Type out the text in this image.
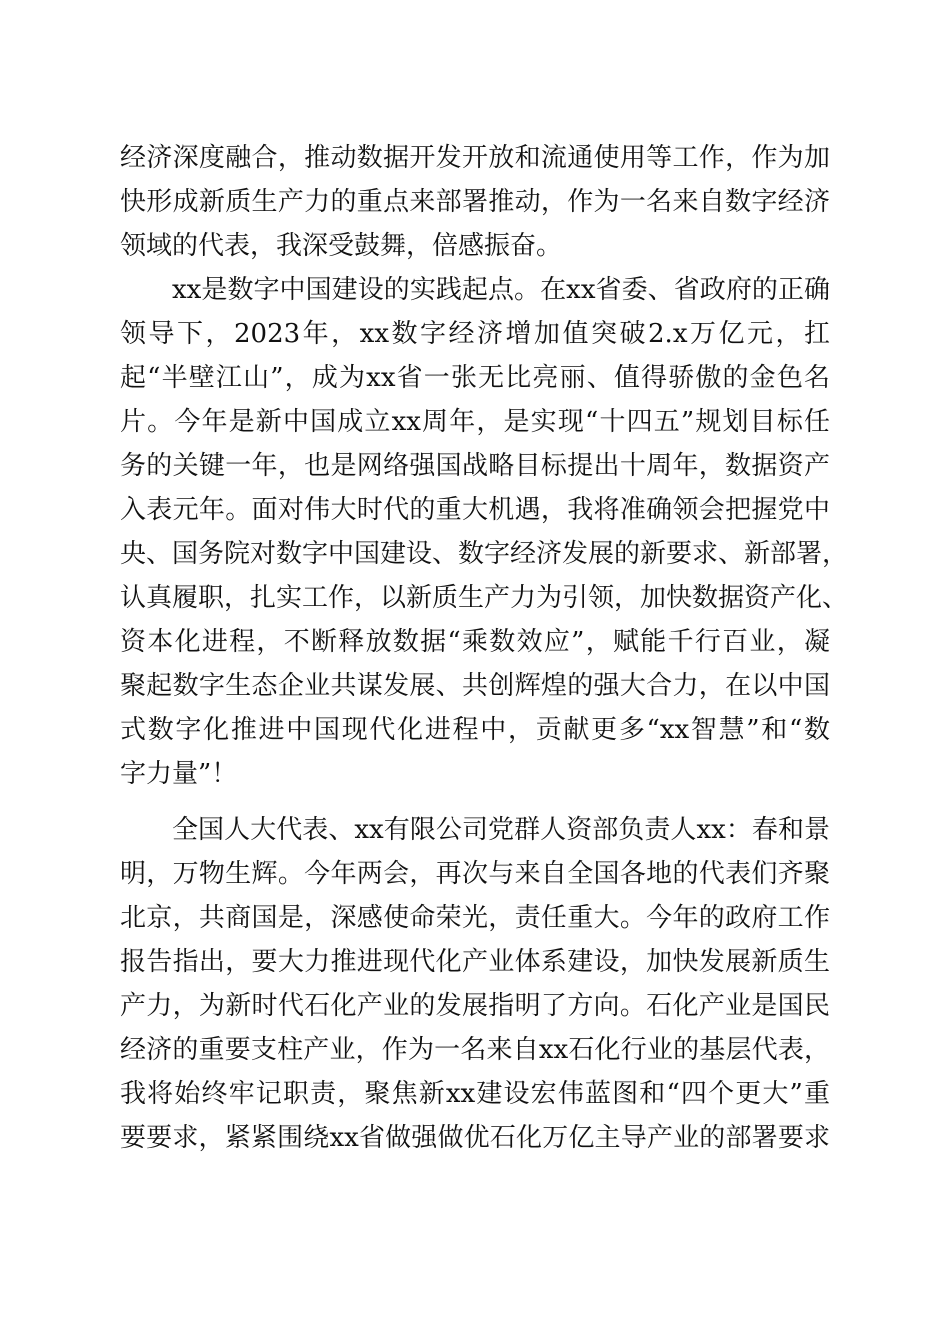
经济深度融合，推动数据开发开放和流通使用等工作，作为加
快形成新质生产力的重点来部署推动，作为一名来自数字经济
领域的代表，我深受鼓舞，倍感振奋。
xx是数字中国建设的实践起点。在xx省委、省政府的正确
领导下，2023年，xx数字经济增加值突破2.x万亿元，扛
起“半壁江山”，成为xx省一张无比亮丽、值得骄傲的金色名
片。今年是新中国成立xx周年，是实现“十四五”规划目标任
务的关键一年，也是网络强国战略目标提出十周年，数据资产
入表元年。面对伟大时代的重大机遇，我将准确领会把握党中
央、国务院对数字中国建设、数字经济发展的新要求、新部署，
认真履职，扎实工作，以新质生产力为引领，加快数据资产化、
资本化进程，不断释放数据“乘数效应”，赋能千行百业，凝
聚起数字生态企业共谋发展、共创辉煌的强大合力，在以中国
式数字化推进中国现代化进程中，贡献更多“xx智慧”和“数
字力量”！
全国人大代表、xx有限公司党群人资部负责人xx：春和景
明，万物生辉。今年两会，再次与来自全国各地的代表们齐聚
北京，共商国是，深感使命荣光，责任重大。今年的政府工作
报告指出，要大力推进现代化产业体系建设，加快发展新质生
产力，为新时代石化产业的发展指明了方向。石化产业是国民
经济的重要支柱产业，作为一名来自xx石化行业的基层代表，
我将始终牢记职责，聚焦新xx建设宏伟蓝图和“四个更大”重
要要求，紧紧围绕xx省做强做优石化万亿主导产业的部署要求
